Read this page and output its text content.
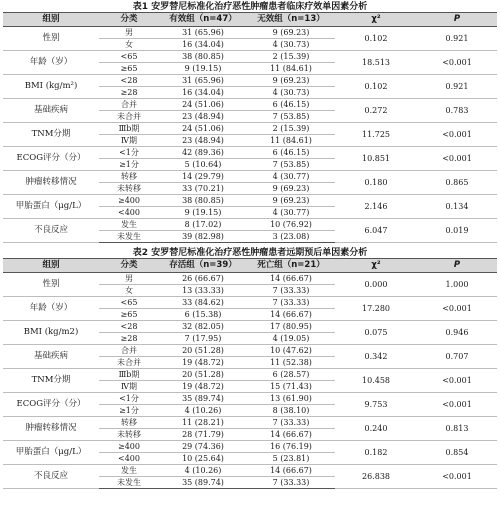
表1 安罗替尼标准化治疗恶性肿瘤患者临床疗效单因素分析
组别	分类	有效组（n=47）	无效组（n=13）	χ²	P
性别	男	31 (65.96)	9 (69.23)	0.102	0.921
	女	16 (34.04)	4 (30.73)		
年龄（岁）	<65	38 (80.85)	2 (15.39)	18.513	<0.001
	≥65	9 (19.15)	11 (84.61)		
BMI (kg/m²)	<28	31 (65.96)	9 (69.23)	0.102	0.921
	≥28	16 (34.04)	4 (30.73)		
基础疾病	合并	24 (51.06)	6 (46.15)	0.272	0.783
	未合并	23 (48.94)	7 (53.85)		
TNM分期	Ⅲb期	24 (51.06)	2 (15.39)	11.725	<0.001
	Ⅳ期	23 (48.94)	11 (84.61)		
ECOG评分（分）	<1分	42 (89.36)	6 (46.15)	10.851	<0.001
	≥1分	5 (10.64)	7 (53.85)		
肿瘤转移情况	转移	14 (29.79)	4 (30.77)	0.180	0.865
	未转移	33 (70.21)	9 (69.23)		
甲胎蛋白（μg/L）	≥400	38 (80.85)	9 (69.23)	2.146	0.134
	<400	9 (19.15)	4 (30.77)		
不良反应	发生	8 (17.02)	10 (76.92)	6.047	0.019
	未发生	39 (82.98)	3 (23.08)		
表2 安罗替尼标准化治疗恶性肿瘤患者远期预后单因素分析
组别	分类	存活组（n=39）	死亡组（n=21）	χ²	P
性别	男	26 (66.67)	14 (66.67)	0.000	1.000
	女	13 (33.33)	7 (33.33)		
年龄（岁）	<65	33 (84.62)	7 (33.33)	17.280	<0.001
	≥65	6 (15.38)	14 (66.67)		
BMI (kg/m2)	<28	32 (82.05)	17 (80.95)	0.075	0.946
	≥28	7 (17.95)	4 (19.05)		
基础疾病	合并	20 (51.28)	10 (47.62)	0.342	0.707
	未合并	19 (48.72)	11 (52.38)		
TNM分期	Ⅲb期	20 (51.28)	6 (28.57)	10.458	<0.001
	Ⅳ期	19 (48.72)	15 (71.43)		
ECOG评分（分）	<1分	35 (89.74)	13 (61.90)	9.753	<0.001
	≥1分	4 (10.26)	8 (38.10)		
肿瘤转移情况	转移	11 (28.21)	7 (33.33)	0.240	0.813
	未转移	28 (71.79)	14 (66.67)		
甲胎蛋白（μg/L）	≥400	29 (74.36)	16 (76.19)	0.182	0.854
	<400	10 (25.64)	5 (23.81)		
不良反应	发生	4 (10.26)	14 (66.67)	26.838	<0.001
	未发生	35 (89.74)	7 (33.33)		
